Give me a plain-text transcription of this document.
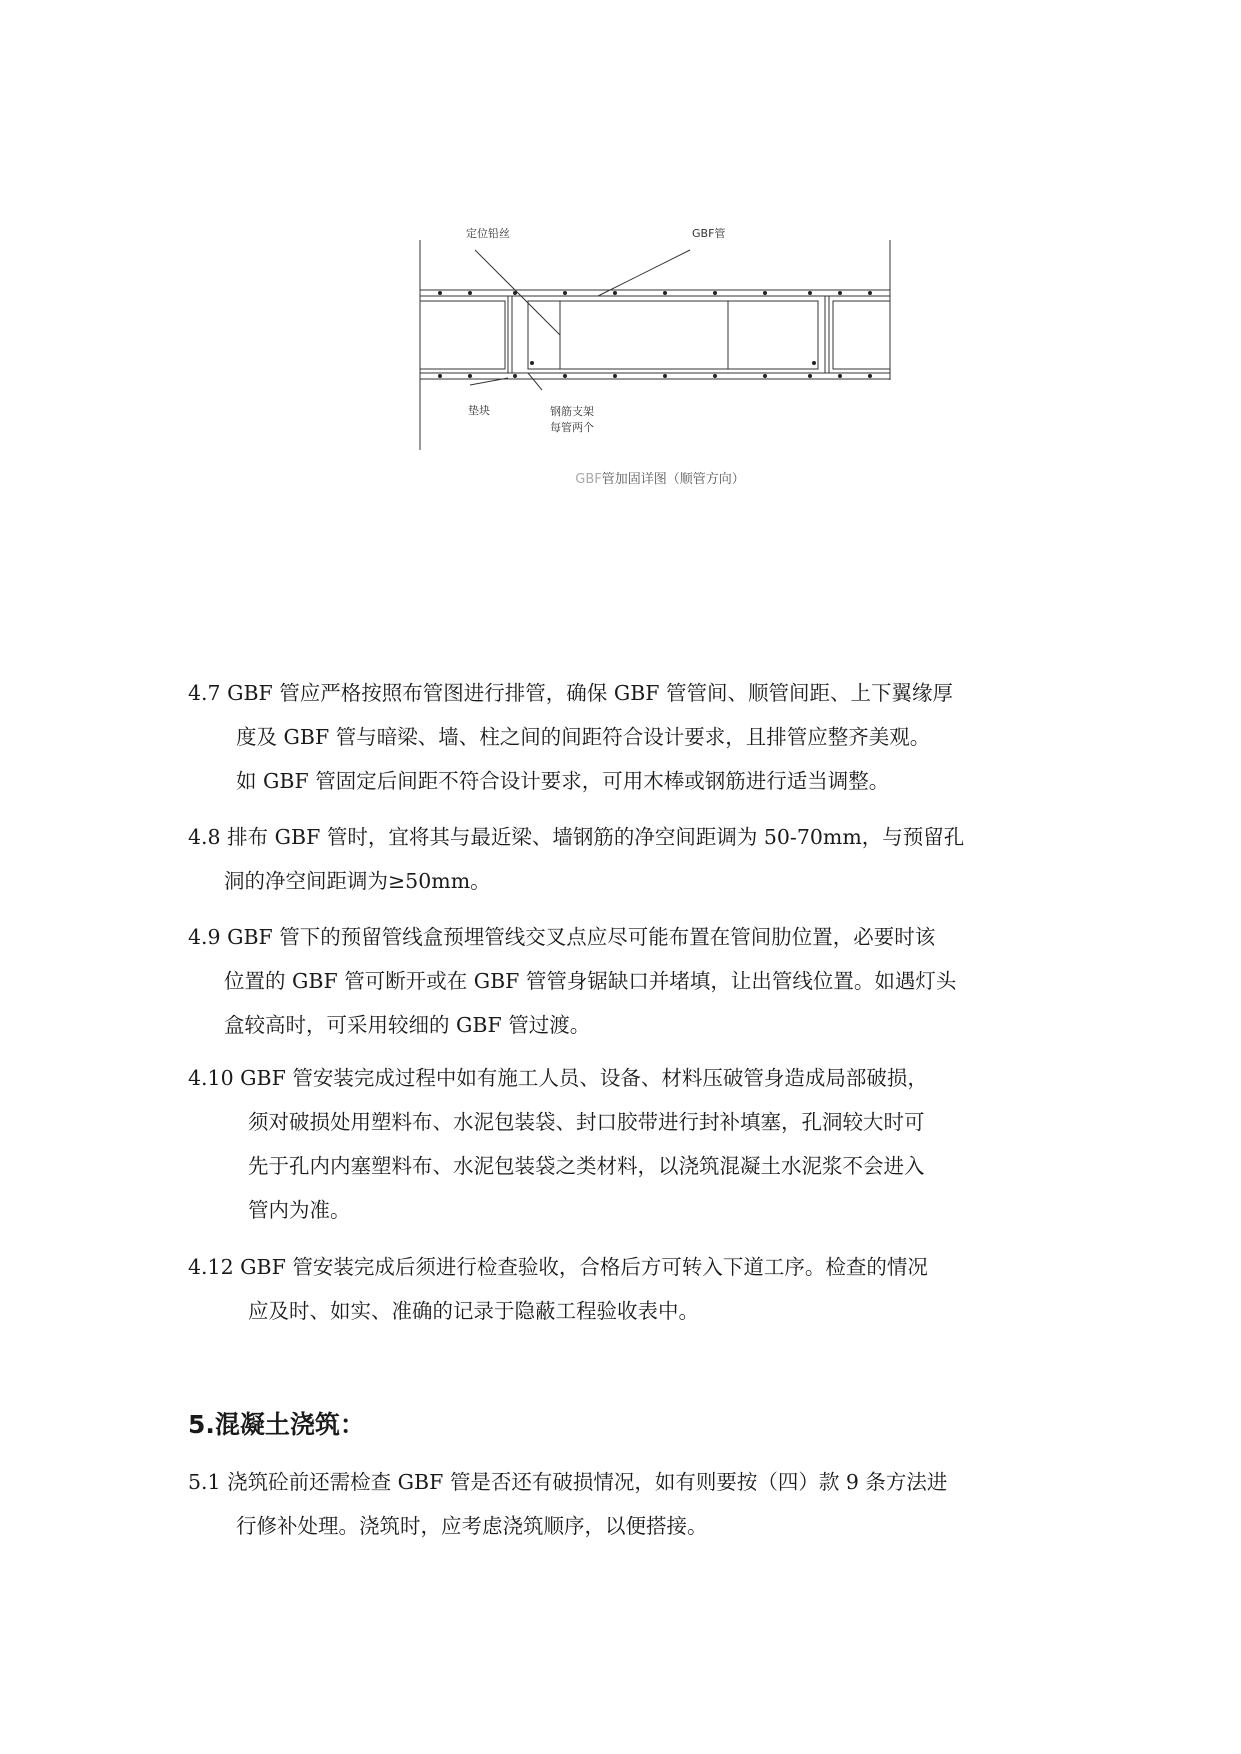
定位铅丝	GBF管
垫块	钢筋支架
每管两个
GBF管加固详图（顺管方向）
4.7 GBF 管应严格按照布管图进行排管，确保 GBF 管管间、顺管间距、上下翼缘厚
度及 GBF 管与暗梁、墙、柱之间的间距符合设计要求，且排管应整齐美观。
如 GBF 管固定后间距不符合设计要求，可用木棒或钢筋进行适当调整。
4.8 排布 GBF 管时，宜将其与最近梁、墙钢筋的净空间距调为 50-70mm，与预留孔
洞的净空间距调为≥50mm。
4.9 GBF 管下的预留管线盒预埋管线交叉点应尽可能布置在管间肋位置，必要时该
位置的 GBF 管可断开或在 GBF 管管身锯缺口并堵填，让出管线位置。如遇灯头
盒较高时，可采用较细的 GBF 管过渡。
4.10 GBF 管安装完成过程中如有施工人员、设备、材料压破管身造成局部破损，
须对破损处用塑料布、水泥包装袋、封口胶带进行封补填塞，孔洞较大时可
先于孔内内塞塑料布、水泥包装袋之类材料，以浇筑混凝土水泥浆不会进入
管内为准。
4.12 GBF 管安装完成后须进行检查验收，合格后方可转入下道工序。检查的情况
应及时、如实、准确的记录于隐蔽工程验收表中。
5.混凝土浇筑：
5.1 浇筑砼前还需检查 GBF 管是否还有破损情况，如有则要按（四）款 9 条方法进
行修补处理。浇筑时，应考虑浇筑顺序，以便搭接。
